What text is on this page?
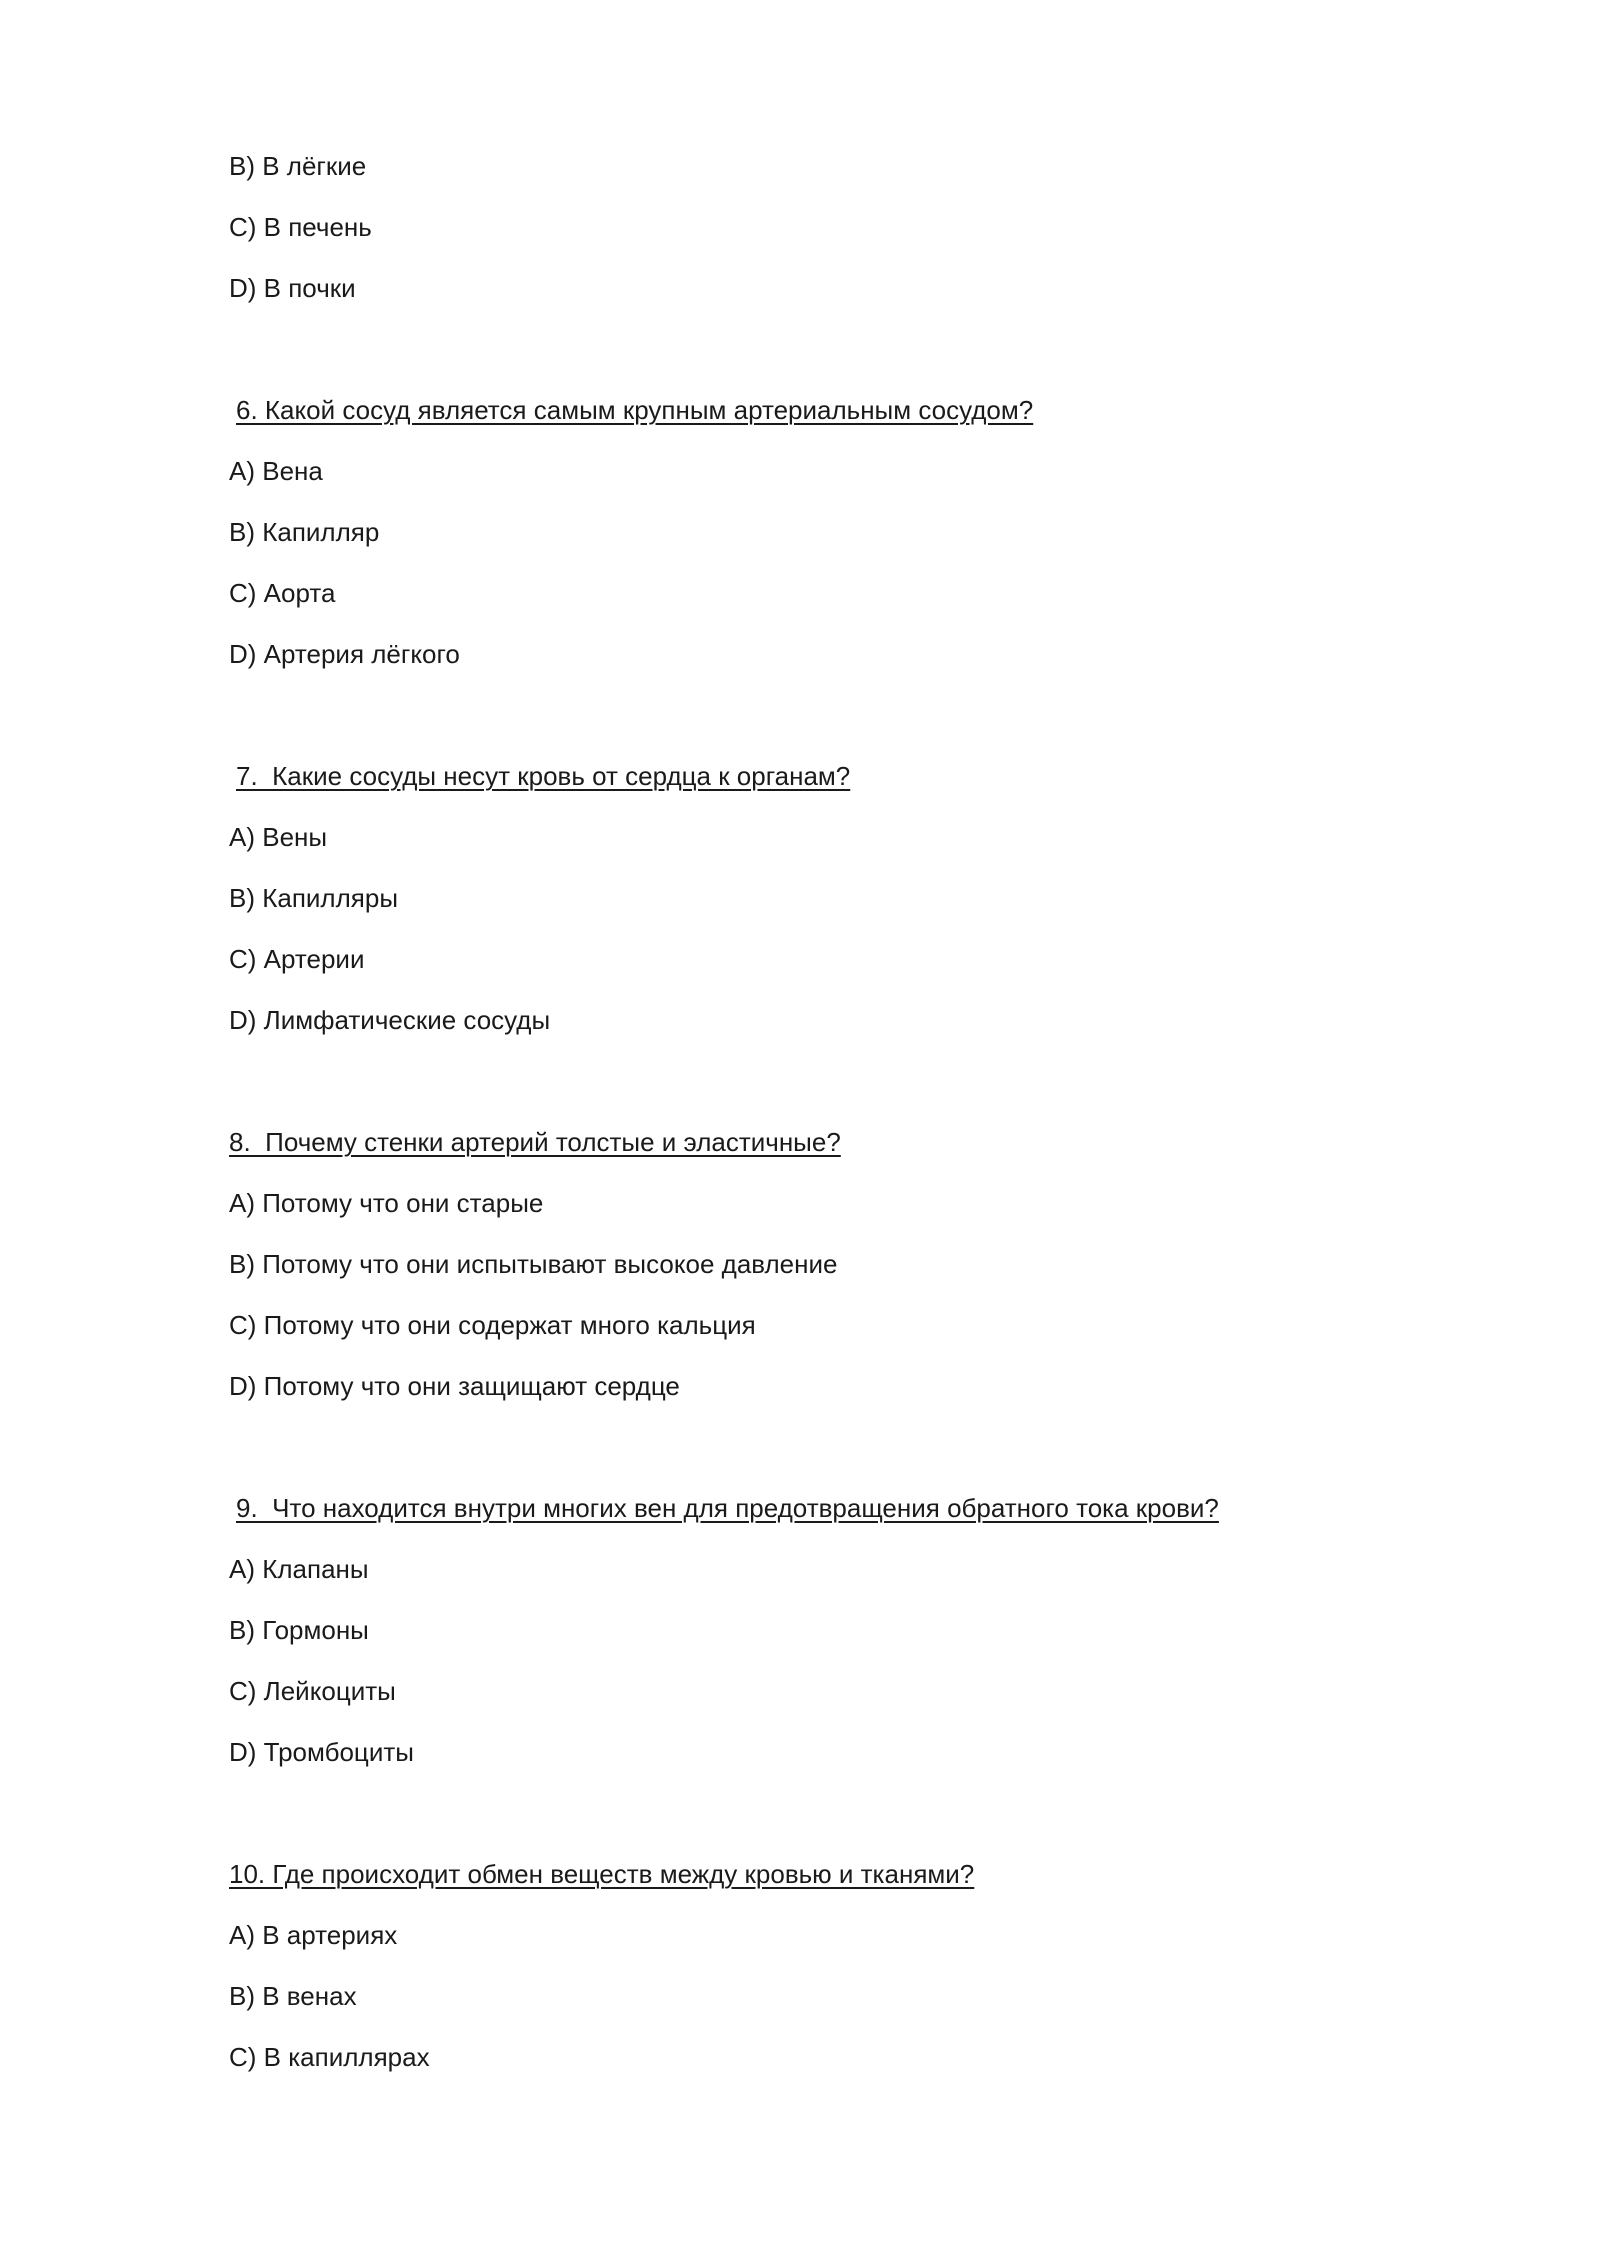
B) В лёгкие

C) В печень

D) В почки

6. Какой сосуд является самым крупным артериальным сосудом?

A) Вена

B) Капилляр

C) Аорта

D) Артерия лёгкого

7.  Какие сосуды несут кровь от сердца к органам?

A) Вены

B) Капилляры

C) Артерии

D) Лимфатические сосуды

8.  Почему стенки артерий толстые и эластичные?

A) Потому что они старые

B) Потому что они испытывают высокое давление

C) Потому что они содержат много кальция

D) Потому что они защищают сердце

9.  Что находится внутри многих вен для предотвращения обратного тока крови?

A) Клапаны

B) Гормоны

C) Лейкоциты

D) Тромбоциты

10. Где происходит обмен веществ между кровью и тканями?

A) В артериях

B) В венах

C) В капиллярах
